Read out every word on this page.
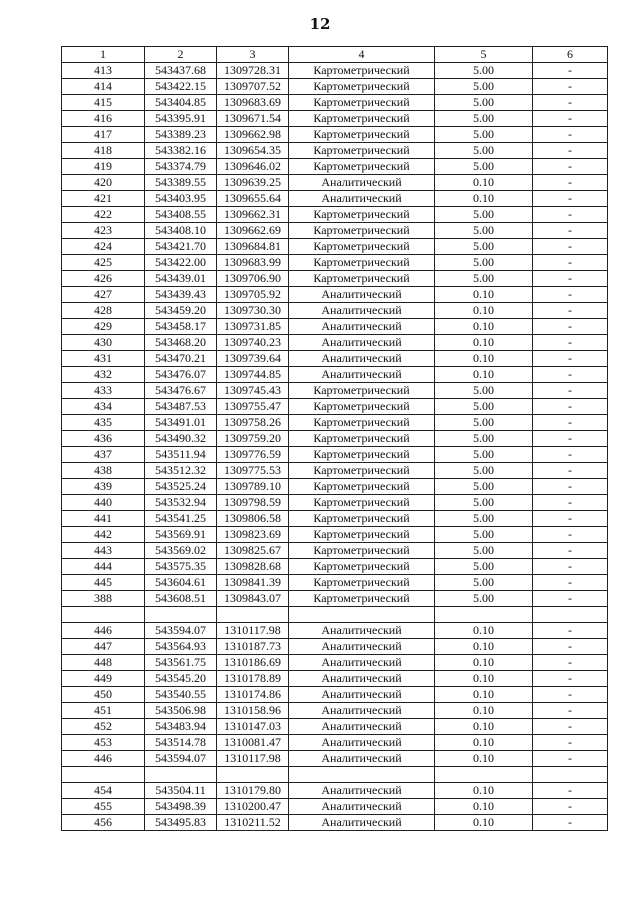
12
1	2	3	4	5	6
413	543437.68	1309728.31	Картометрический	5.00	-
414	543422.15	1309707.52	Картометрический	5.00	-
415	543404.85	1309683.69	Картометрический	5.00	-
416	543395.91	1309671.54	Картометрический	5.00	-
417	543389.23	1309662.98	Картометрический	5.00	-
418	543382.16	1309654.35	Картометрический	5.00	-
419	543374.79	1309646.02	Картометрический	5.00	-
420	543389.55	1309639.25	Аналитический	0.10	-
421	543403.95	1309655.64	Аналитический	0.10	-
422	543408.55	1309662.31	Картометрический	5.00	-
423	543408.10	1309662.69	Картометрический	5.00	-
424	543421.70	1309684.81	Картометрический	5.00	-
425	543422.00	1309683.99	Картометрический	5.00	-
426	543439.01	1309706.90	Картометрический	5.00	-
427	543439.43	1309705.92	Аналитический	0.10	-
428	543459.20	1309730.30	Аналитический	0.10	-
429	543458.17	1309731.85	Аналитический	0.10	-
430	543468.20	1309740.23	Аналитический	0.10	-
431	543470.21	1309739.64	Аналитический	0.10	-
432	543476.07	1309744.85	Аналитический	0.10	-
433	543476.67	1309745.43	Картометрический	5.00	-
434	543487.53	1309755.47	Картометрический	5.00	-
435	543491.01	1309758.26	Картометрический	5.00	-
436	543490.32	1309759.20	Картометрический	5.00	-
437	543511.94	1309776.59	Картометрический	5.00	-
438	543512.32	1309775.53	Картометрический	5.00	-
439	543525.24	1309789.10	Картометрический	5.00	-
440	543532.94	1309798.59	Картометрический	5.00	-
441	543541.25	1309806.58	Картометрический	5.00	-
442	543569.91	1309823.69	Картометрический	5.00	-
443	543569.02	1309825.67	Картометрический	5.00	-
444	543575.35	1309828.68	Картометрический	5.00	-
445	543604.61	1309841.39	Картометрический	5.00	-
388	543608.51	1309843.07	Картометрический	5.00	-

446	543594.07	1310117.98	Аналитический	0.10	-
447	543564.93	1310187.73	Аналитический	0.10	-
448	543561.75	1310186.69	Аналитический	0.10	-
449	543545.20	1310178.89	Аналитический	0.10	-
450	543540.55	1310174.86	Аналитический	0.10	-
451	543506.98	1310158.96	Аналитический	0.10	-
452	543483.94	1310147.03	Аналитический	0.10	-
453	543514.78	1310081.47	Аналитический	0.10	-
446	543594.07	1310117.98	Аналитический	0.10	-

454	543504.11	1310179.80	Аналитический	0.10	-
455	543498.39	1310200.47	Аналитический	0.10	-
456	543495.83	1310211.52	Аналитический	0.10	-
